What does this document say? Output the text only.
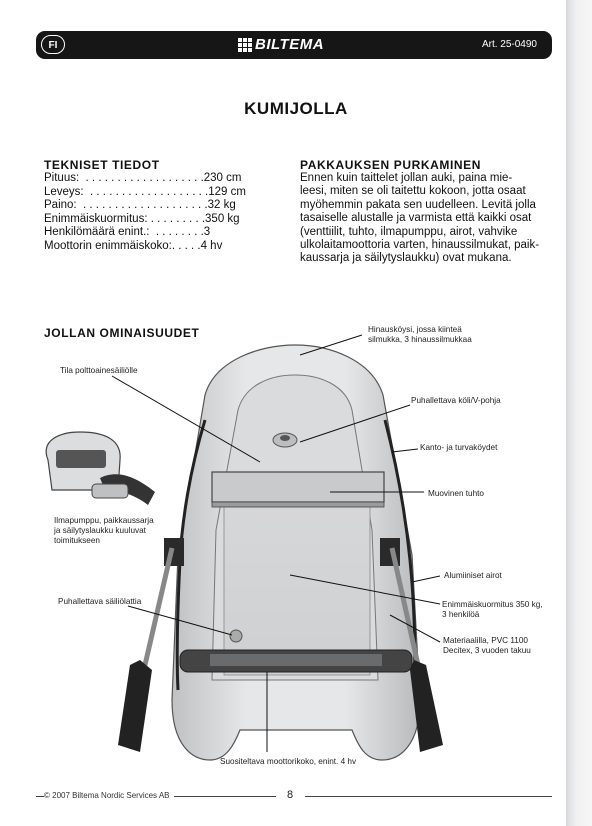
FI	BILTEMA	Art. 25-0490
KUMIJOLLA
TEKNISET TIEDOT
Pituus:  . . . . . . . . . . . . . . . . . . .230 cm
Leveys:  . . . . . . . . . . . . . . . . . . .129 cm
Paino:  . . . . . . . . . . . . . . . . . . . .32 kg
Enimmäiskuormitus: . . . . . . . . .350 kg
Henkilömäärä enint.:  . . . . . . . .3
Moottorin enimmäiskoko:. . . . .4 hv
PAKKAUKSEN PURKAMINEN
Ennen kuin taittelet jollan auki, paina mie-
leesi, miten se oli taitettu kokoon, jotta osaat
myöhemmin pakata sen uudelleen. Levitä jolla
tasaiselle alustalle ja varmista että kaikki osat
(venttiilit, tuhto, ilmapumppu, airot, vahvike
ulkolaitamoottoria varten, hinaussilmukat, paik-
kaussarja ja säilytyslaukku) ovat mukana.
JOLLAN OMINAISUUDET	Hinausköysi, jossa kiinteä
silmukka, 3 hinaussilmukkaa
Tila polttoainesäiliölle
Puhallettava köli/V-pohja
Kanto- ja turvaköydet
Ilmapumppu, paikkaussarja
ja säilytyslaukku kuuluvat
toimitukseen
Muovinen tuhto
Alumiiniset airot
Puhallettava säiliölattia	Enimmäiskuormitus 350 kg,
3 henkilöä
Materiaalilla, PVC 1100
Decitex, 3 vuoden takuu
Suositeltava moottorikoko, enint. 4 hv
© 2007 Biltema Nordic Services AB	8
